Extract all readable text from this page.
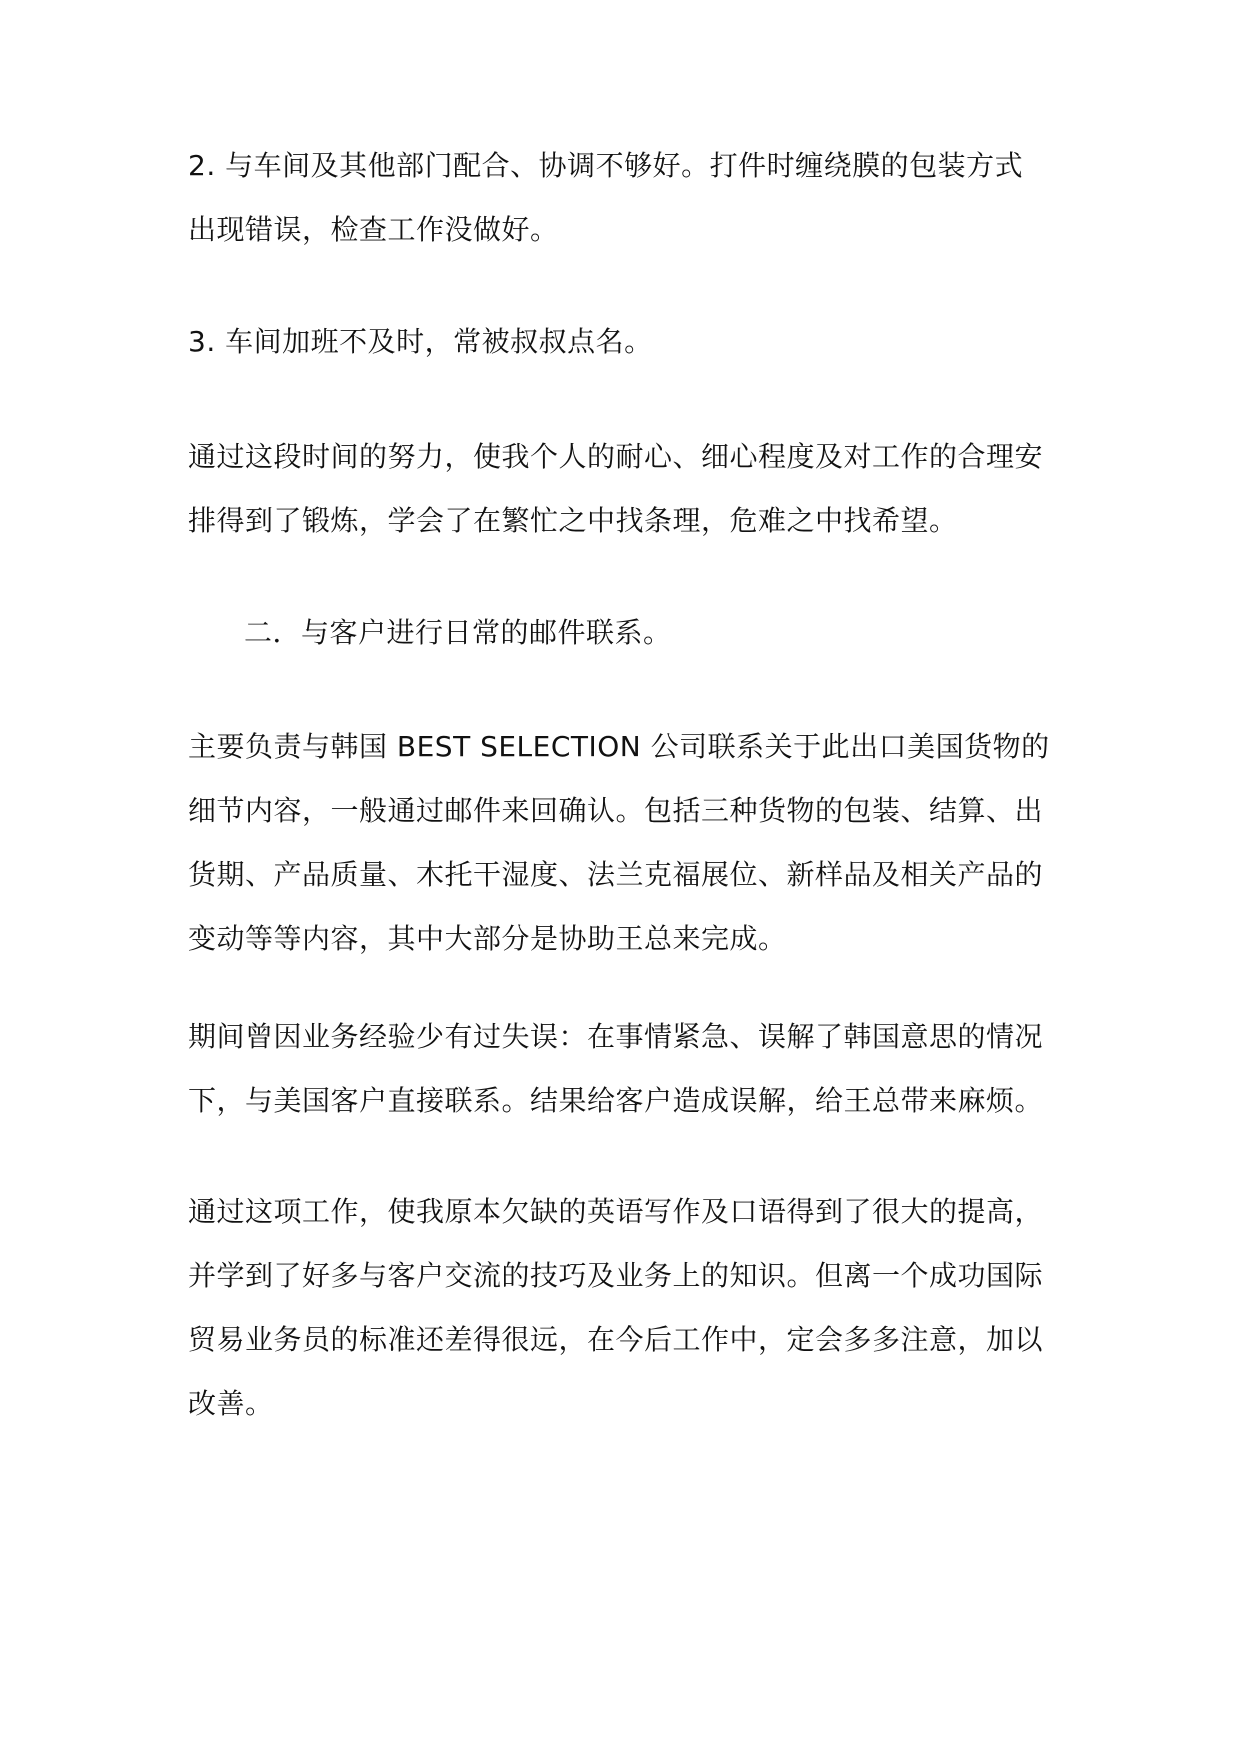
2. 与车间及其他部门配合、协调不够好。打件时缠绕膜的包装方式
出现错误，检查工作没做好。
3. 车间加班不及时，常被叔叔点名。
通过这段时间的努力，使我个人的耐心、细心程度及对工作的合理安
排得到了锻炼，学会了在繁忙之中找条理，危难之中找希望。
二．与客户进行日常的邮件联系。
主要负责与韩国 BEST SELECTION 公司联系关于此出口美国货物的
细节内容，一般通过邮件来回确认。包括三种货物的包装、结算、出
货期、产品质量、木托干湿度、法兰克福展位、新样品及相关产品的
变动等等内容，其中大部分是协助王总来完成。
期间曾因业务经验少有过失误：在事情紧急、误解了韩国意思的情况
下，与美国客户直接联系。结果给客户造成误解，给王总带来麻烦。
通过这项工作，使我原本欠缺的英语写作及口语得到了很大的提高，
并学到了好多与客户交流的技巧及业务上的知识。但离一个成功国际
贸易业务员的标准还差得很远，在今后工作中，定会多多注意，加以
改善。
